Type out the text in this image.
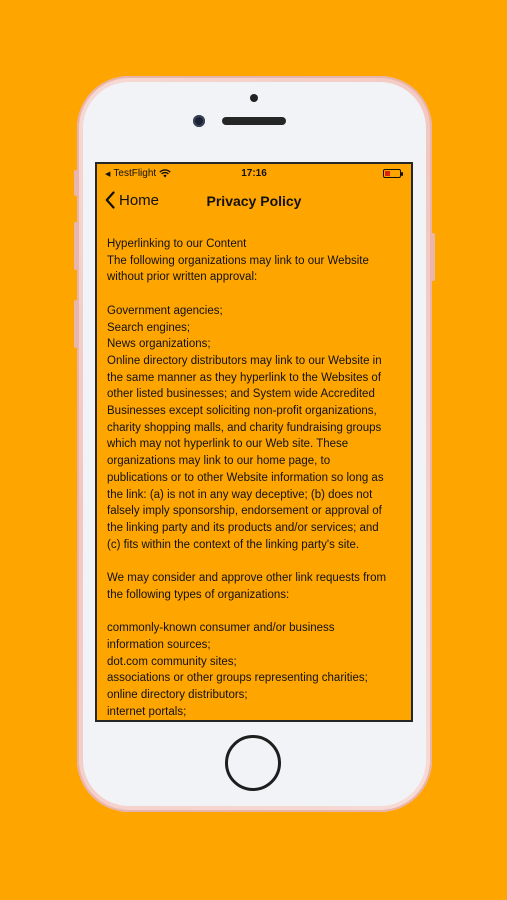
◀ TestFlight	17:16
Home	Privacy Policy
Hyperlinking to our Content
The following organizations may link to our Website
without prior written approval:

Government agencies;
Search engines;
News organizations;
Online directory distributors may link to our Website in
the same manner as they hyperlink to the Websites of
other listed businesses; and System wide Accredited
Businesses except soliciting non-profit organizations,
charity shopping malls, and charity fundraising groups
which may not hyperlink to our Web site. These
organizations may link to our home page, to
publications or to other Website information so long as
the link: (a) is not in any way deceptive; (b) does not
falsely imply sponsorship, endorsement or approval of
the linking party and its products and/or services; and
(c) fits within the context of the linking party's site.

We may consider and approve other link requests from
the following types of organizations:

commonly-known consumer and/or business
information sources;
dot.com community sites;
associations or other groups representing charities;
online directory distributors;
internet portals;
